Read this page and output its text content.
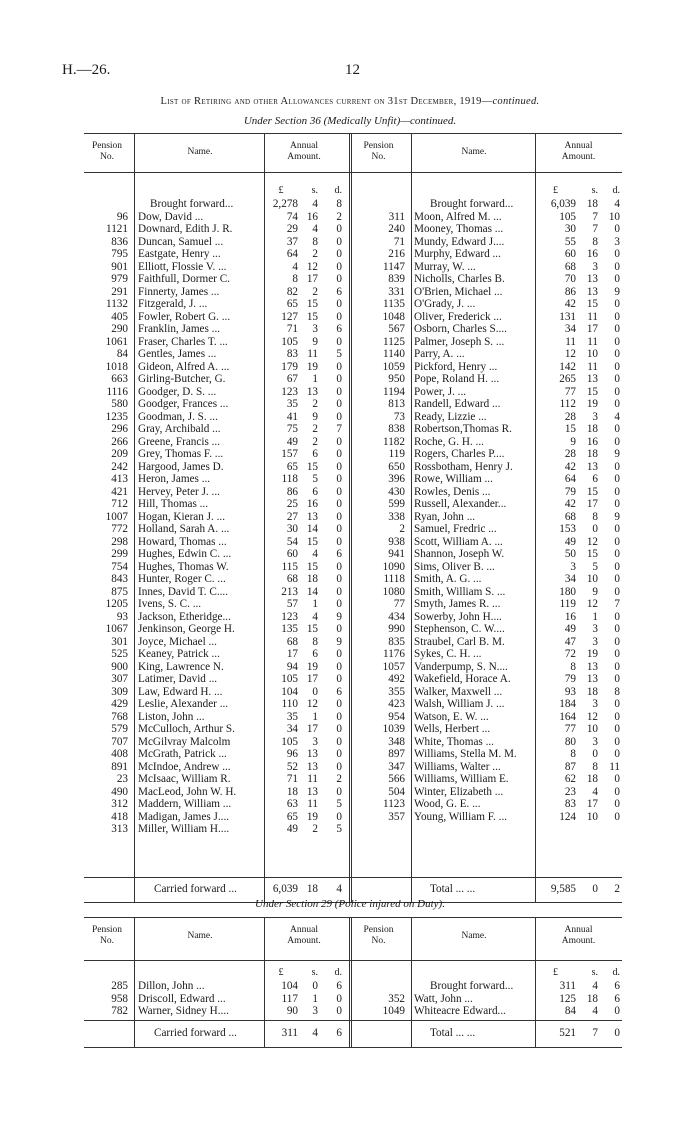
H.—26.	12
List of Retiring and other Allowances current on 31st December, 1919—continued.
Under Section 36 (Medically Unfit)—continued.
Pension
No.	Name.
Annual
Amount.
Pension
No.	Name.
Annual
Amount.
£	s.	d.	£	s.	d.
Brought forward...	2,278	4	8	Brought forward...	6,039 18	4
96 Dow, David ...	74 16	2
1121 Downard, Edith J. R.	29	4	0
836 Duncan, Samuel ...	37	8	0
795 Eastgate, Henry ...	64	2	0
901 Elliott, Flossie V. ...	4 12	0
979 Faithfull, Dormer C.	8 17	0
291 Finnerty, James ...	82	2	6
1132 Fitzgerald, J. ...	65 15	0
405 Fowler, Robert G. ...	127 15	0
290 Franklin, James ...	71	3	6
1061 Fraser, Charles T. ...	105	9	0
84 Gentles, James ...	83 11	5
1018 Gideon, Alfred A. ...	179 19	0
663 Girling-Butcher, G.	67	1	0
1116 Goodger, D. S. ...	123 13	0
580 Goodger, Frances ...	35	2	0
1235 Goodman, J. S. ...	41	9	0
296 Gray, Archibald ...	75	2	7
266 Greene, Francis ...	49	2	0
209 Grey, Thomas F. ...	157	6	0
242 Hargood, James D.	65 15	0
413 Heron, James ...	118	5	0
421 Hervey, Peter J. ...	86	6	0
712 Hill, Thomas ...	25 16	0
1007 Hogan, Kieran J. ...	27 13	0
772 Holland, Sarah A. ...	30 14	0
298 Howard, Thomas ...	54 15	0
299 Hughes, Edwin C. ...	60	4	6
754 Hughes, Thomas W.	115 15	0
843 Hunter, Roger C. ...	68 18	0
875 Innes, David T. C....	213 14	0
1205 Ivens, S. C. ...	57	1	0
93 Jackson, Etheridge...	123	4	9
1067 Jenkinson, George H.	135 15	0
301 Joyce, Michael ...	68	8	9
525 Keaney, Patrick ...	17	6	0
900 King, Lawrence N.	94 19	0
307 Latimer, David ...	105 17	0
309 Law, Edward H. ...	104	0	6
429 Leslie, Alexander ...	110 12	0
768 Liston, John ...	35	1	0
579 McCulloch, Arthur S.	34 17	0
707 McGilvray Malcolm	105	3	0
408 McGrath, Patrick ...	96 13	0
891 McIndoe, Andrew ...	52 13	0
23 McIsaac, William R.	71 11	2
490 MacLeod, John W. H.	18 13	0
312 Maddern, William ...	63 11	5
418 Madigan, James J....	65 19	0
313 Miller, William H....	49	2	5
311 Moon, Alfred M. ...	105	7 10
240 Mooney, Thomas ...	30	7	0
71 Mundy, Edward J....	55	8	3
216 Murphy, Edward ...	60 16	0
1147 Murray, W. ...	68	3	0
839 Nicholls, Charles B.	70 13	0
331 O'Brien, Michael ...	86 13	9
1135 O'Grady, J. ...	42 15	0
1048 Oliver, Frederick ...	131	11	0
567 Osborn, Charles S....	34 17	0
1125 Palmer, Joseph S. ...	11	11	0
1140 Parry, A. ...	12 10	0
1059 Pickford, Henry ...	142	11	0
950 Pope, Roland H. ...	265 13	0
1194 Power, J. ...	77 15	0
813 Randell, Edward ...	112 19	0
73 Ready, Lizzie ...	28	3	4
838 Robertson,Thomas R.	15 18	0
1182 Roche, G. H. ...	9 16	0
119 Rogers, Charles P....	28 18	9
650 Rossbotham, Henry J.	42 13	0
396 Rowe, William ...	64	6	0
430 Rowles, Denis ...	79 15	0
599 Russell, Alexander...	42 17	0
338 Ryan, John ...	68	8	9
2 Samuel, Fredric ...	153	0	0
938 Scott, William A. ...	49 12	0
941 Shannon, Joseph W.	50 15	0
1090 Sims, Oliver B. ...	3	5	0
1118 Smith, A. G. ...	34 10	0
1080 Smith, William S. ...	180	9	0
77 Smyth, James R. ...	119 12	7
434 Sowerby, John H....	16	1	0
990 Stephenson, C. W....	49	3	0
835 Straubel, Carl B. M.	47	3	0
1176 Sykes, C. H. ...	72 19	0
1057 Vanderpump, S. N....	8 13	0
492 Wakefield, Horace A.	79 13	0
355 Walker, Maxwell ...	93 18	8
423 Walsh, William J. ...	184	3	0
954 Watson, E. W. ...	164 12	0
1039 Wells, Herbert ...	77 10	0
348 White, Thomas ...	80	3	0
897 Williams, Stella M. M.	8	0	0
347 Williams, Walter ...	87	8	11
566 Williams, William E.	62 18	0
504 Winter, Elizabeth ...	23	4	0
1123 Wood, G. E. ...	83 17	0
357 Young, William F. ...	124 10	0
Carried forward ...	6,039 18	4	Total ... ...	9,585	0	2
Under Section 29 (Police injured on Duty).
Pension
No.	Name.
Annual
Amount.
Pension
No.	Name.
Annual
Amount.
£	s.	d.	£	s.	d.
285 Dillon, John ...	104	0	6
958 Driscoll, Edward ...	117	1	0
782 Warner, Sidney H....	90	3	0
Brought forward...	311	4	6
352 Watt, John ...	125 18	6
1049 Whiteacre Edward...	84	4	0
Carried forward ...	311	4	6	Total ... ...	521	7	0
